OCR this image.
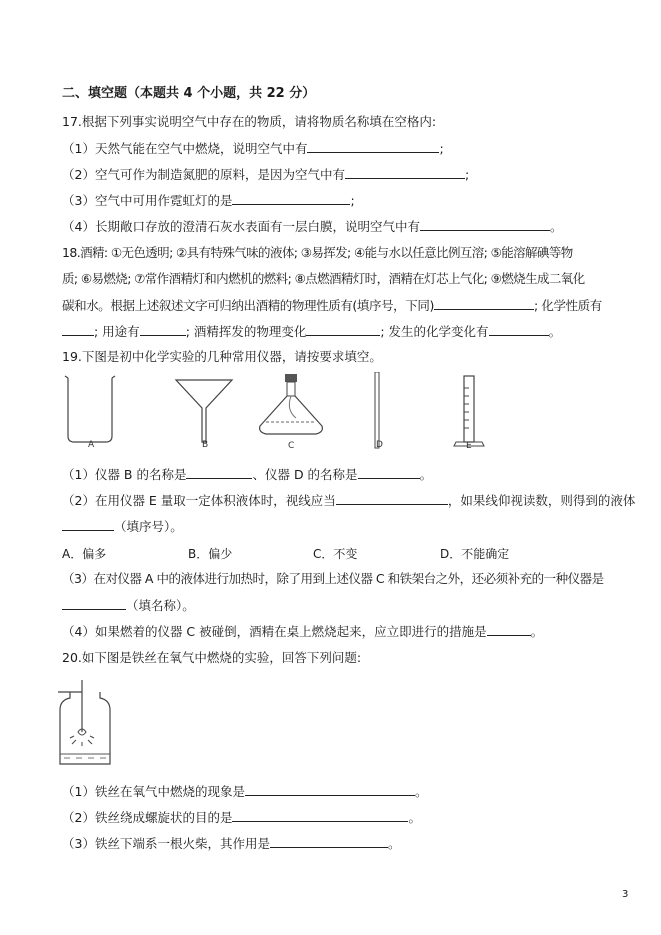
二、填空题（本题共 4 个小题，共 22 分）
17.根据下列事实说明空气中存在的物质，请将物质名称填在空格内:
（1）天然气能在空气中燃烧，说明空气中有	;
（2）空气可作为制造氮肥的原料，是因为空气中有	;
（3）空气中可用作霓虹灯的是	;
（4）长期敞口存放的澄清石灰水表面有一层白膜，说明空气中有	。
18.酒精: ①无色透明; ②具有特殊气味的液体; ③易挥发; ④能与水以任意比例互溶; ⑤能溶解碘等物
质; ⑥易燃烧; ⑦常作酒精灯和内燃机的燃料; ⑧点燃酒精灯时，酒精在灯芯上气化; ⑨燃烧生成二氧化
碳和水。根据上述叙述文字可归纳出酒精的物理性质有(填序号，下同)	; 化学性质有
; 用途有	; 酒精挥发的物理变化	; 发生的化学变化有	。
19.下图是初中化学实验的几种常用仪器，请按要求填空。
A	B	C	D	E
（1）仪器 B 的名称是	、仪器 D 的名称是	。
（2）在用仪器 E 量取一定体积液体时，视线应当	，如果线仰视读数，则得到的液体
（填序号）。
A．偏多	B．偏少	C．不变	D．不能确定
（3）在对仪器 A 中的液体进行加热时，除了用到上述仪器 C 和铁架台之外，还必须补充的一种仪器是
（填名称）。
（4）如果燃着的仪器 C 被碰倒，酒精在桌上燃烧起来，应立即进行的措施是	。
20.如下图是铁丝在氧气中燃烧的实验，回答下列问题:
（1）铁丝在氧气中燃烧的现象是	。
（2）铁丝绕成螺旋状的目的是	。
（3）铁丝下端系一根火柴，其作用是	。
3
